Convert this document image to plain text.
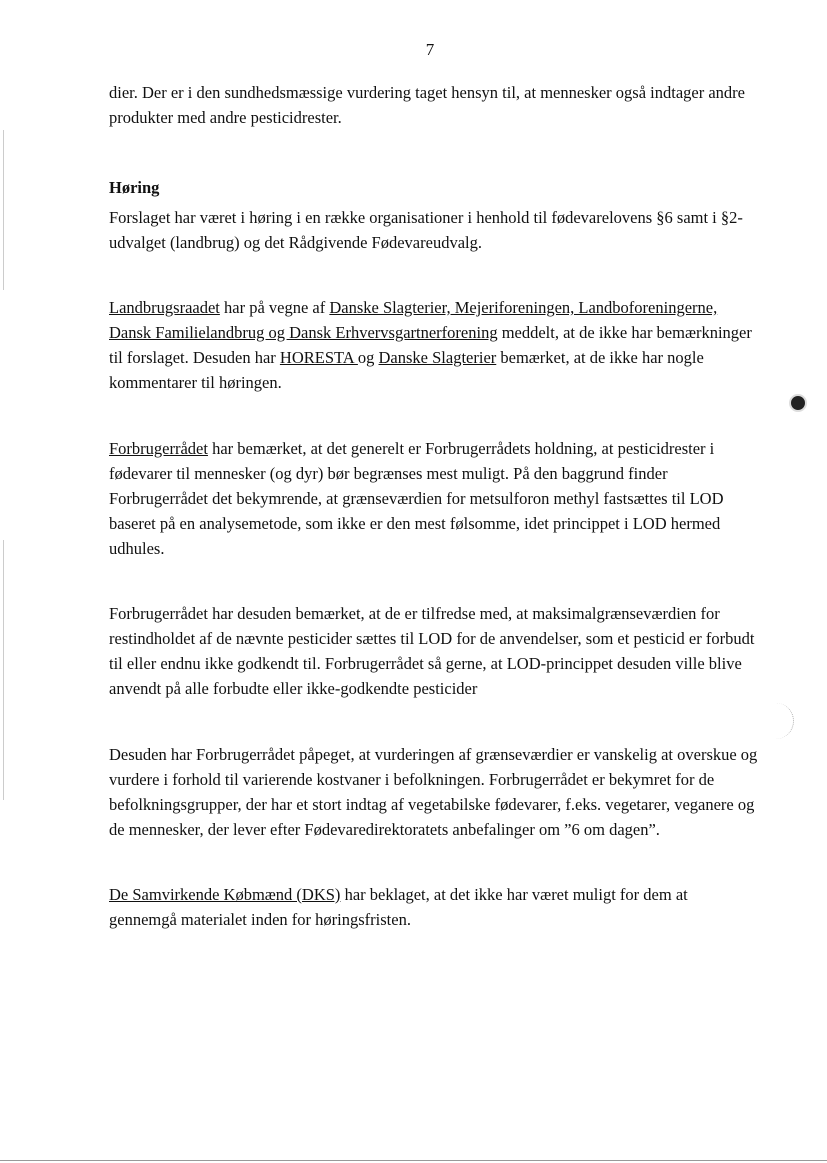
7

dier. Der er i den sundhedsmæssige vurdering taget hensyn til, at mennesker også indtager andre produkter med andre pesticidrester.

Høring

Forslaget har været i høring i en række organisationer i henhold til fødevarelovens §6 samt i §2-udvalget (landbrug) og det Rådgivende Fødevareudvalg.

Landbrugsraadet har på vegne af Danske Slagterier, Mejeriforeningen, Landboforeningerne, Dansk Familielandbrug og Dansk Erhvervsgartnerforening meddelt, at de ikke har bemærkninger til forslaget. Desuden har HORESTA og Danske Slagterier bemærket, at de ikke har nogle kommentarer til høringen.

Forbrugerrådet har bemærket, at det generelt er Forbrugerrådets holdning, at pesticidrester i fødevarer til mennesker (og dyr) bør begrænses mest muligt. På den baggrund finder Forbrugerrådet det bekymrende, at grænseværdien for metsulforon methyl fastsættes til LOD baseret på en analysemetode, som ikke er den mest følsomme, idet princippet i LOD hermed udhules.

Forbrugerrådet har desuden bemærket, at de er tilfredse med, at maksimalgrænseværdien for restindholdet af de nævnte pesticider sættes til LOD for de anvendelser, som et pesticid er forbudt til eller endnu ikke godkendt til. Forbrugerrådet så gerne, at LOD-princippet desuden ville blive anvendt på alle forbudte eller ikke-godkendte pesticider

Desuden har Forbrugerrådet påpeget, at vurderingen af grænseværdier er vanskelig at overskue og vurdere i forhold til varierende kostvaner i befolkningen. Forbrugerrådet er bekymret for de befolkningsgrupper, der har et stort indtag af vegetabilske fødevarer, f.eks. vegetarer, veganere og de mennesker, der lever efter Fødevaredirektoratets anbefalinger om ”6 om dagen”.

De Samvirkende Købmænd (DKS) har beklaget, at det ikke har været muligt for dem at gennemgå materialet inden for høringsfristen.
